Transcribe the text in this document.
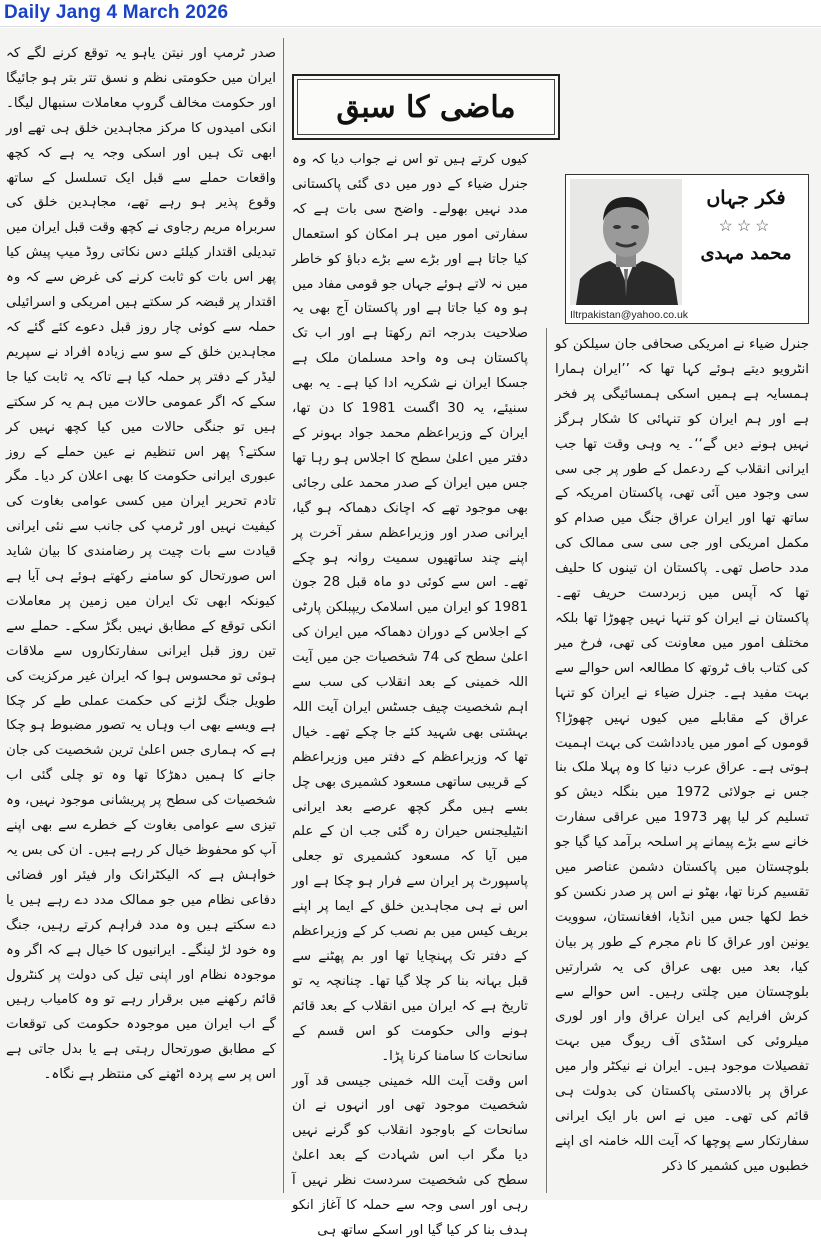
Daily Jang 4 March 2026
ماضی کا سبق
فکر جہاں
☆☆☆
محمد مہدی
Iltrpakistan@yahoo.co.uk

جنرل ضیاء نے امریکی صحافی جان سیلکن کو انٹرویو دیتے ہوئے کہا تھا کہ ’’ایران ہمارا ہمسایہ ہے ہمیں اسکی ہمسائیگی پر فخر ہے اور ہم ایران کو تنہائی کا شکار ہرگز نہیں ہونے دیں گے‘‘۔ یہ وہی وقت تھا جب ایرانی انقلاب کے ردعمل کے طور پر جی سی سی وجود میں آئی تھی، پاکستان امریکہ کے ساتھ تھا اور ایران عراق جنگ میں صدام کو مکمل امریکی اور جی سی سی ممالک کی مدد حاصل تھی۔ پاکستان ان تینوں کا حلیف تھا کہ آپس میں زبردست حریف تھے۔ پاکستان نے ایران کو تنہا نہیں چھوڑا تھا بلکہ مختلف امور میں معاونت کی تھی، فرخ میر کی کتاب باف ٹروتھ کا مطالعہ اس حوالے سے بہت مفید ہے۔ جنرل ضیاء نے ایران کو تنہا عراق کے مقابلے میں کیوں نہیں چھوڑا؟ قوموں کے امور میں یادداشت کی بہت اہمیت ہوتی ہے۔ عراق عرب دنیا کا وہ پہلا ملک بنا جس نے جولائی 1972 میں بنگلہ دیش کو تسلیم کر لیا پھر 1973 میں عراقی سفارت خانے سے بڑے پیمانے پر اسلحہ برآمد کیا گیا جو بلوچستان میں پاکستان دشمن عناصر میں تقسیم کرنا تھا، بھٹو نے اس پر صدر نکسن کو خط لکھا جس میں انڈیا، افغانستان، سوویت یونین اور عراق کا نام مجرم کے طور پر بیان کیا، بعد میں بھی عراق کی یہ شرارتیں بلوچستان میں چلتی رہیں۔ اس حوالے سے کرش افرایم کی ایران عراق وار اور لوری میلروئی کی اسٹڈی آف ریوگ میں بہت تفصیلات موجود ہیں۔ ایران نے نیکٹر وار میں عراق پر بالادستی پاکستان کی بدولت ہی قائم کی تھی۔ میں نے اس بار ایک ایرانی سفارتکار سے پوچھا کہ آیت اللہ خامنہ ای اپنے خطبوں میں کشمیر کا ذکر

کیوں کرتے ہیں تو اس نے جواب دیا کہ وہ جنرل ضیاء کے دور میں دی گئی پاکستانی مدد نہیں بھولے۔ واضح سی بات ہے کہ سفارتی امور میں ہر امکان کو استعمال کیا جاتا ہے اور بڑے سے بڑے دباؤ کو خاطر میں نہ لاتے ہوئے جہاں جو قومی مفاد میں ہو وہ کیا جاتا ہے اور پاکستان آج بھی یہ صلاحیت بدرجہ اتم رکھتا ہے اور اب تک پاکستان ہی وہ واحد مسلمان ملک ہے جسکا ایران نے شکریہ ادا کیا ہے۔ یہ بھی سنیئے، یہ 30 اگست 1981 کا دن تھا، ایران کے وزیراعظم محمد جواد بہونر کے دفتر میں اعلیٰ سطح کا اجلاس ہو رہا تھا جس میں ایران کے صدر محمد علی رجائی بھی موجود تھے کہ اچانک دھماکہ ہو گیا، ایرانی صدر اور وزیراعظم سفر آخرت پر اپنے چند ساتھیوں سمیت روانہ ہو چکے تھے۔ اس سے کوئی دو ماہ قبل 28 جون 1981 کو ایران میں اسلامک ریپبلکن پارٹی کے اجلاس کے دوران دھماکہ میں ایران کی اعلیٰ سطح کی 74 شخصیات جن میں آیت اللہ خمینی کے بعد انقلاب کی سب سے اہم شخصیت چیف جسٹس ایران آیت اللہ بہشتی بھی شہید کئے جا چکے تھے۔ خیال تھا کہ وزیراعظم کے دفتر میں وزیراعظم کے قریبی ساتھی مسعود کشمیری بھی چل بسے ہیں مگر کچھ عرصے بعد ایرانی انٹیلیجنس حیران رہ گئی جب ان کے علم میں آیا کہ مسعود کشمیری تو جعلی پاسپورٹ پر ایران سے فرار ہو چکا ہے اور اس نے ہی مجاہدین خلق کے ایما پر اپنے بریف کیس میں بم نصب کر کے وزیراعظم کے دفتر تک پہنچایا تھا اور بم پھٹنے سے قبل بہانہ بنا کر چلا گیا تھا۔ چنانچہ یہ تو تاریخ ہے کہ ایران میں انقلاب کے بعد قائم ہونے والی حکومت کو اس قسم کے سانحات کا سامنا کرنا پڑا۔

اس وقت آیت اللہ خمینی جیسی قد آور شخصیت موجود تھی اور انہوں نے ان سانحات کے باوجود انقلاب کو گرنے نہیں دیا مگر اب اس شہادت کے بعد اعلیٰ سطح کی شخصیت سردست نظر نہیں آ رہی اور اسی وجہ سے حملہ کا آغاز انکو ہدف بنا کر کیا گیا اور اسکے ساتھ ہی

صدر ٹرمپ اور نیتن یاہو یہ توقع کرنے لگے کہ ایران میں حکومتی نظم و نسق تتر بتر ہو جائیگا اور حکومت مخالف گروپ معاملات سنبھال لیگا۔ انکی امیدوں کا مرکز مجاہدین خلق ہی تھے اور ابھی تک ہیں اور اسکی وجہ یہ ہے کہ کچھ واقعات حملے سے قبل ایک تسلسل کے ساتھ وقوع پذیر ہو رہے تھے، مجاہدین خلق کی سربراہ مریم رجاوی نے کچھ وقت قبل ایران میں تبدیلی اقتدار کیلئے دس نکاتی روڈ میپ پیش کیا پھر اس بات کو ثابت کرنے کی غرض سے کہ وہ اقتدار پر قبضہ کر سکتے ہیں امریکی و اسرائیلی حملہ سے کوئی چار روز قبل دعوے کئے گئے کہ مجاہدین خلق کے سو سے زیادہ افراد نے سپریم لیڈر کے دفتر پر حملہ کیا ہے تاکہ یہ ثابت کیا جا سکے کہ اگر عمومی حالات میں ہم یہ کر سکتے ہیں تو جنگی حالات میں کیا کچھ نہیں کر سکتے؟ پھر اس تنظیم نے عین حملے کے روز عبوری ایرانی حکومت کا بھی اعلان کر دیا۔ مگر تادم تحریر ایران میں کسی عوامی بغاوت کی کیفیت نہیں اور ٹرمپ کی جانب سے نئی ایرانی قیادت سے بات چیت پر رضامندی کا بیان شاید اس صورتحال کو سامنے رکھتے ہوئے ہی آیا ہے کیونکہ ابھی تک ایران میں زمین پر معاملات انکی توقع کے مطابق نہیں بگڑ سکے۔ حملے سے تین روز قبل ایرانی سفارتکاروں سے ملاقات ہوئی تو محسوس ہوا کہ ایران غیر مرکزیت کی طویل جنگ لڑنے کی حکمت عملی طے کر چکا ہے ویسے بھی اب وہاں یہ تصور مضبوط ہو چکا ہے کہ ہماری جس اعلیٰ ترین شخصیت کی جان جانے کا ہمیں دھڑکا تھا وہ تو چلی گئی اب شخصیات کی سطح پر پریشانی موجود نہیں، وہ تیزی سے عوامی بغاوت کے خطرے سے بھی اپنے آپ کو محفوظ خیال کر رہے ہیں۔ ان کی بس یہ خواہش ہے کہ الیکٹرانک وار فیئر اور فضائی دفاعی نظام میں جو ممالک مدد دے رہے ہیں یا دے سکتے ہیں وہ مدد فراہم کرتے رہیں، جنگ وہ خود لڑ لینگے۔ ایرانیوں کا خیال ہے کہ اگر وہ موجودہ نظام اور اپنی تیل کی دولت پر کنٹرول قائم رکھنے میں برقرار رہے تو وہ کامیاب رہیں گے اب ایران میں موجودہ حکومت کی توقعات کے مطابق صورتحال رہتی ہے یا بدل جاتی ہے اس پر سے پردہ اٹھنے کی منتظر ہے نگاہ۔
